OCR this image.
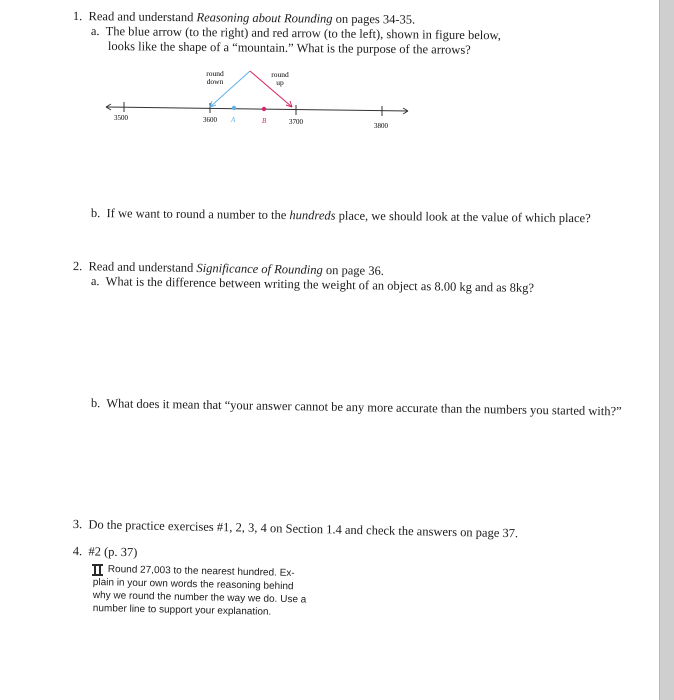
1. Read and understand Reasoning about Rounding on pages 34-35.
a. The blue arrow (to the right) and red arrow (to the left), shown in figure below,
looks like the shape of a “mountain.” What is the purpose of the arrows?
round
down
round
up
3500	3600 A	B	3700	3800
b. If we want to round a number to the hundreds place, we should look at the value of which place?
2. Read and understand Significance of Rounding on page 36.
a. What is the difference between writing the weight of an object as 8.00 kg and as 8kg?
b. What does it mean that “your answer cannot be any more accurate than the numbers you started with?”
3. Do the practice exercises #1, 2, 3, 4 on Section 1.4 and check the answers on page 37.
4. #2 (p. 37)
Round 27,003 to the nearest hundred. Ex-
plain in your own words the reasoning behind
why we round the number the way we do. Use a
number line to support your explanation.
